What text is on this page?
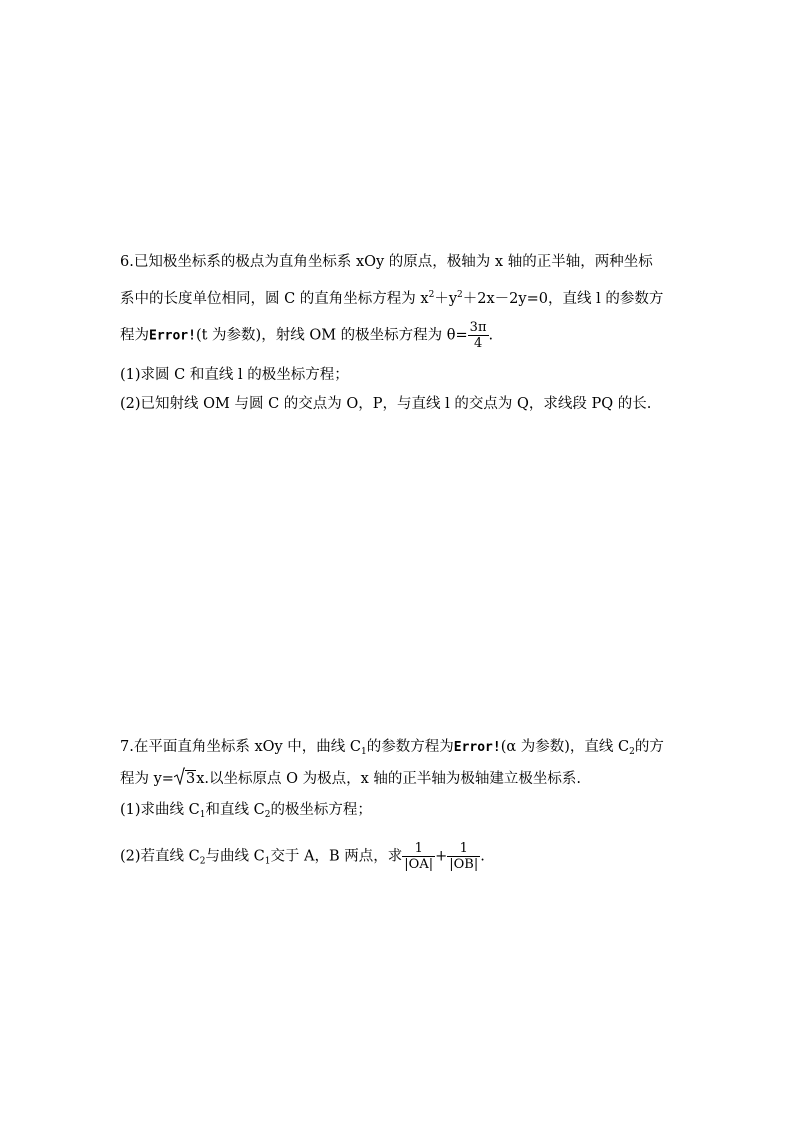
6.已知极坐标系的极点为直角坐标系 xOy 的原点，极轴为 x 轴的正半轴，两种坐标
系中的长度单位相同，圆 C 的直角坐标方程为 $x^2+y^2+2x-2y=0$，直线 l 的参数方
程为Error!(t 为参数)，射线 OM 的极坐标方程为 $\theta= \frac{3\pi}{4}$ .
(1)求圆 C 和直线 l 的极坐标方程；
(2)已知射线 OM 与圆 C 的交点为 O，P，与直线 l 的交点为 Q，求线段 PQ 的长.
7.在平面直角坐标系 xOy 中，曲线 $C_1$的参数方程为Error!(α 为参数)，直线 $C_2$的方
程为 y= 3x.以坐标原点 O 为极点，x 轴的正半轴为极轴建立极坐标系.
(1)求曲线 $C_1$和直线 $C_2$的极坐标方程；
(2)若直线 $C_2$与曲线 $C_1$交于 A，B 两点，求 $\frac{1}{|OA|} + \frac{1}{|OB|}$ .
